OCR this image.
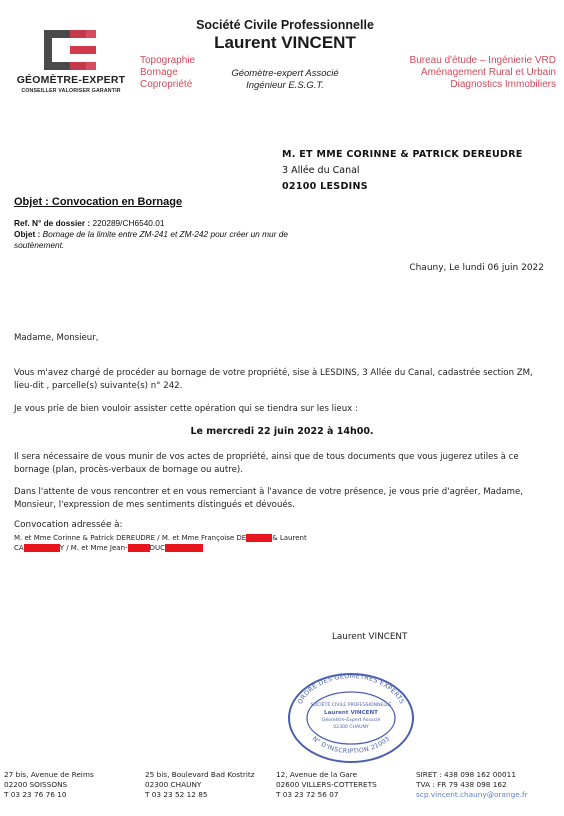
GÉOMÈTRE-EXPERT
CONSEILLER VALORISER GARANTIR
Société Civile Professionnelle
Laurent VINCENT
Géomètre-expert Associé
Ingénieur E.S.G.T.
Topographie
Bornage
Copropriété
Bureau d'étude – Ingénierie VRD
Aménagement Rural et Urbain
Diagnostics Immobiliers
M. ET MME CORINNE & PATRICK DEREUDRE
3 Allée du Canal
02100 LESDINS
Objet : Convocation en Bornage
Ref. N° de dossier : 220289/CH6540.01
Objet : Bornage de la limite entre ZM-241 et ZM-242 pour créer un mur de soutènement.
Chauny, Le lundi 06 juin 2022
Madame, Monsieur,
Vous m'avez chargé de procéder au bornage de votre propriété, sise à LESDINS, 3 Allée du Canal, cadastrée section ZM, lieu-dit , parcelle(s) suivante(s) n° 242.
Je vous prie de bien vouloir assister cette opération qui se tiendra sur les lieux :
Le mercredi 22 juin 2022 à 14h00.
Il sera nécessaire de vous munir de vos actes de propriété, ainsi que de tous documents que vous jugerez utiles à ce bornage (plan, procès-verbaux de bornage ou autre).
Dans l'attente de vous rencontrer et en vous remerciant à l'avance de votre présence, je vous prie d'agréer, Madame, Monsieur, l'expression de mes sentiments distingués et dévoués.
Convocation adressée à:
M. et Mme Corinne & Patrick DEREUDRE / M. et Mme Françoise DE	& Laurent
CA	Y / M. et Mme Jean-	DUC
Laurent VINCENT
ORDRE DES GÉOMÈTRES EXPERTS
N° D'INSCRIPTION 21003
SOCIÉTÉ CIVILE PROFESSIONNELLE
Laurent VINCENT
Géomètre-Expert Associé
02300 CHAUNY
27 bis, Avenue de Reims
02200 SOISSONS
T 03 23 76 76 10
25 bis, Boulevard Bad Kostritz
02300 CHAUNY
T 03 23 52 12 85
12, Avenue de la Gare
02600 VILLERS-COTTERETS
T 03 23 72 56 07
SIRET : 438 098 162 00011
TVA : FR 79 438 098 162
scp.vincent.chauny@orange.fr
